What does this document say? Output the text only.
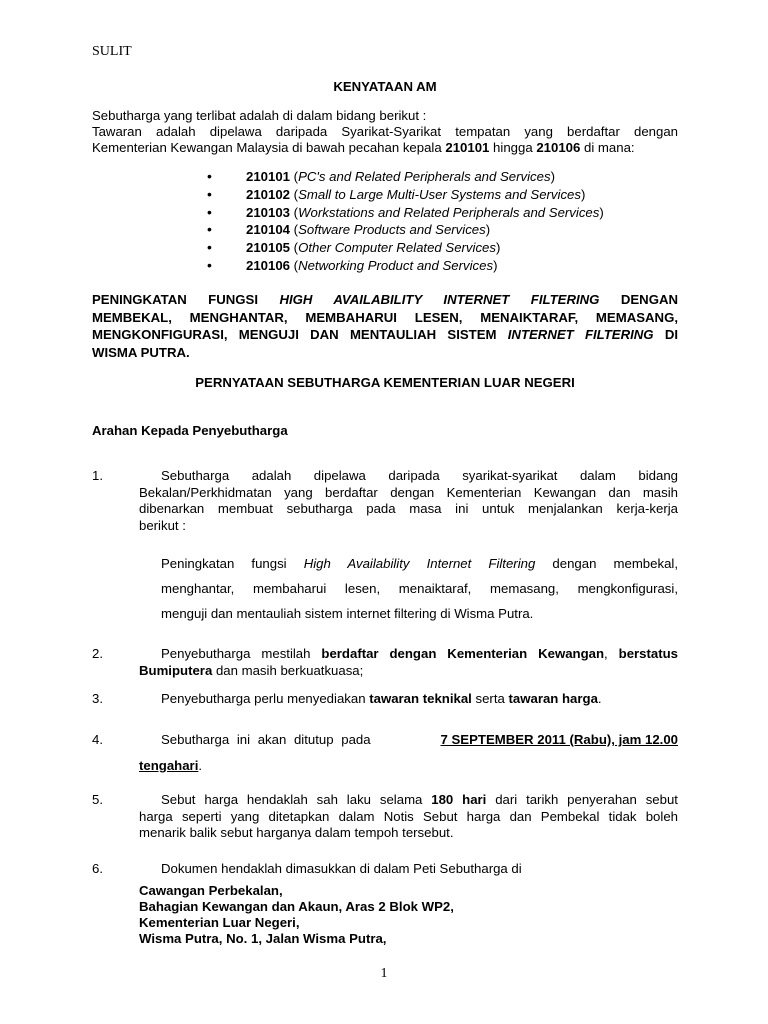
SULIT
KENYATAAN AM

Sebutharga yang terlibat adalah di dalam bidang berikut :

Tawaran adalah dipelawa daripada Syarikat-Syarikat tempatan yang berdaftar dengan

Kementerian Kewangan Malaysia di bawah pecahan kepala 210101 hingga 210106 di mana:

• 210101 (PC's and Related Peripherals and Services)
• 210102 (Small to Large Multi-User Systems and Services)
• 210103 (Workstations and Related Peripherals and Services)
• 210104 (Software Products and Services)
• 210105 (Other Computer Related Services)
• 210106 (Networking Product and Services)

PENINGKATAN FUNGSI HIGH AVAILABILITY INTERNET FILTERING DENGAN

MEMBEKAL, MENGHANTAR, MEMBAHARUI LESEN, MENAIKTARAF, MEMASANG,

MENGKONFIGURASI, MENGUJI DAN MENTAULIAH SISTEM INTERNET FILTERING DI

WISMA PUTRA.

PERNYATAAN SEBUTHARGA KEMENTERIAN LUAR NEGERI
Arahan Kepada Penyebutharga
1.	Sebutharga adalah dipelawa daripada syarikat-syarikat dalam bidang

Bekalan/Perkhidmatan yang berdaftar dengan Kementerian Kewangan dan masih

dibenarkan membuat sebutharga pada masa ini untuk menjalankan kerja-kerja

berikut :

Peningkatan fungsi High Availability Internet Filtering dengan membekal,

menghantar, membaharui lesen, menaiktaraf, memasang, mengkonfigurasi,

menguji dan mentauliah sistem internet filtering di Wisma Putra.

2.	Penyebutharga mestilah berdaftar dengan Kementerian Kewangan, berstatus

Bumiputera dan masih berkuatkuasa;

3.	Penyebutharga perlu menyediakan tawaran teknikal serta tawaran harga.

4.	Sebutharga ini akan ditutup pada	7 SEPTEMBER 2011 (Rabu), jam 12.00

tengahari.

5.	Sebut harga hendaklah sah laku selama 180 hari dari tarikh penyerahan sebut

harga seperti yang ditetapkan dalam Notis Sebut harga dan Pembekal tidak boleh

menarik balik sebut harganya dalam tempoh tersebut.

6.	Dokumen hendaklah dimasukkan di dalam Peti Sebutharga di

Cawangan Perbekalan,

Bahagian Kewangan dan Akaun, Aras 2 Blok WP2,

Kementerian Luar Negeri,

Wisma Putra, No. 1, Jalan Wisma Putra,

1
